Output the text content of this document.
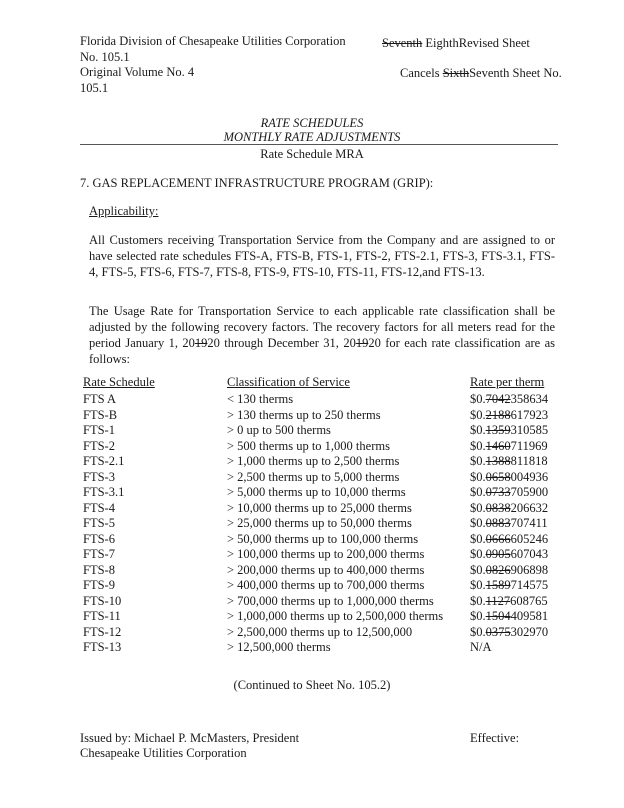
Florida Division of Chesapeake Utilities Corporation
No. 105.1
Original Volume No. 4
105.1
Seventh EighthRevised Sheet
Cancels SixthSeventh Sheet No.
RATE SCHEDULES
MONTHLY RATE ADJUSTMENTS
Rate Schedule MRA
7. GAS REPLACEMENT INFRASTRUCTURE PROGRAM (GRIP):
Applicability:
All Customers receiving Transportation Service from the Company and are assigned to or have selected rate schedules FTS-A, FTS-B, FTS-1, FTS-2, FTS-2.1, FTS-3, FTS-3.1, FTS-4, FTS-5, FTS-6, FTS-7, FTS-8, FTS-9, FTS-10, FTS-11, FTS-12,and FTS-13.
The Usage Rate for Transportation Service to each applicable rate classification shall be adjusted by the following recovery factors. The recovery factors for all meters read for the period January 1, 201920 through December 31, 201920 for each rate classification are as follows:
Rate Schedule	Classification of Service	Rate per therm
FTS A	< 130 therms	$0.7042358634
FTS-B	> 130 therms up to 250 therms	$0.2188617923
FTS-1	> 0 up to 500 therms	$0.1359310585
FTS-2	> 500 therms up to 1,000 therms	$0.1460711969
FTS-2.1	> 1,000 therms up to 2,500 therms	$0.1388811818
FTS-3	> 2,500 therms up to 5,000 therms	$0.0658004936
FTS-3.1	> 5,000 therms up to 10,000 therms	$0.0733705900
FTS-4	> 10,000 therms up to 25,000 therms	$0.0838206632
FTS-5	> 25,000 therms up to 50,000 therms	$0.0883707411
FTS-6	> 50,000 therms up to 100,000 therms	$0.0666605246
FTS-7	> 100,000 therms up to 200,000 therms	$0.0905607043
FTS-8	> 200,000 therms up to 400,000 therms	$0.0826906898
FTS-9	> 400,000 therms up to 700,000 therms	$0.1589714575
FTS-10	> 700,000 therms up to 1,000,000 therms	$0.1127608765
FTS-11	> 1,000,000 therms up to 2,500,000 therms $0.1504409581
FTS-12	> 2,500,000 therms up to 12,500,000	$0.0375302970
FTS-13	> 12,500,000 therms	N/A
(Continued to Sheet No. 105.2)
Issued by: Michael P. McMasters, President
Chesapeake Utilities Corporation
Effective:
